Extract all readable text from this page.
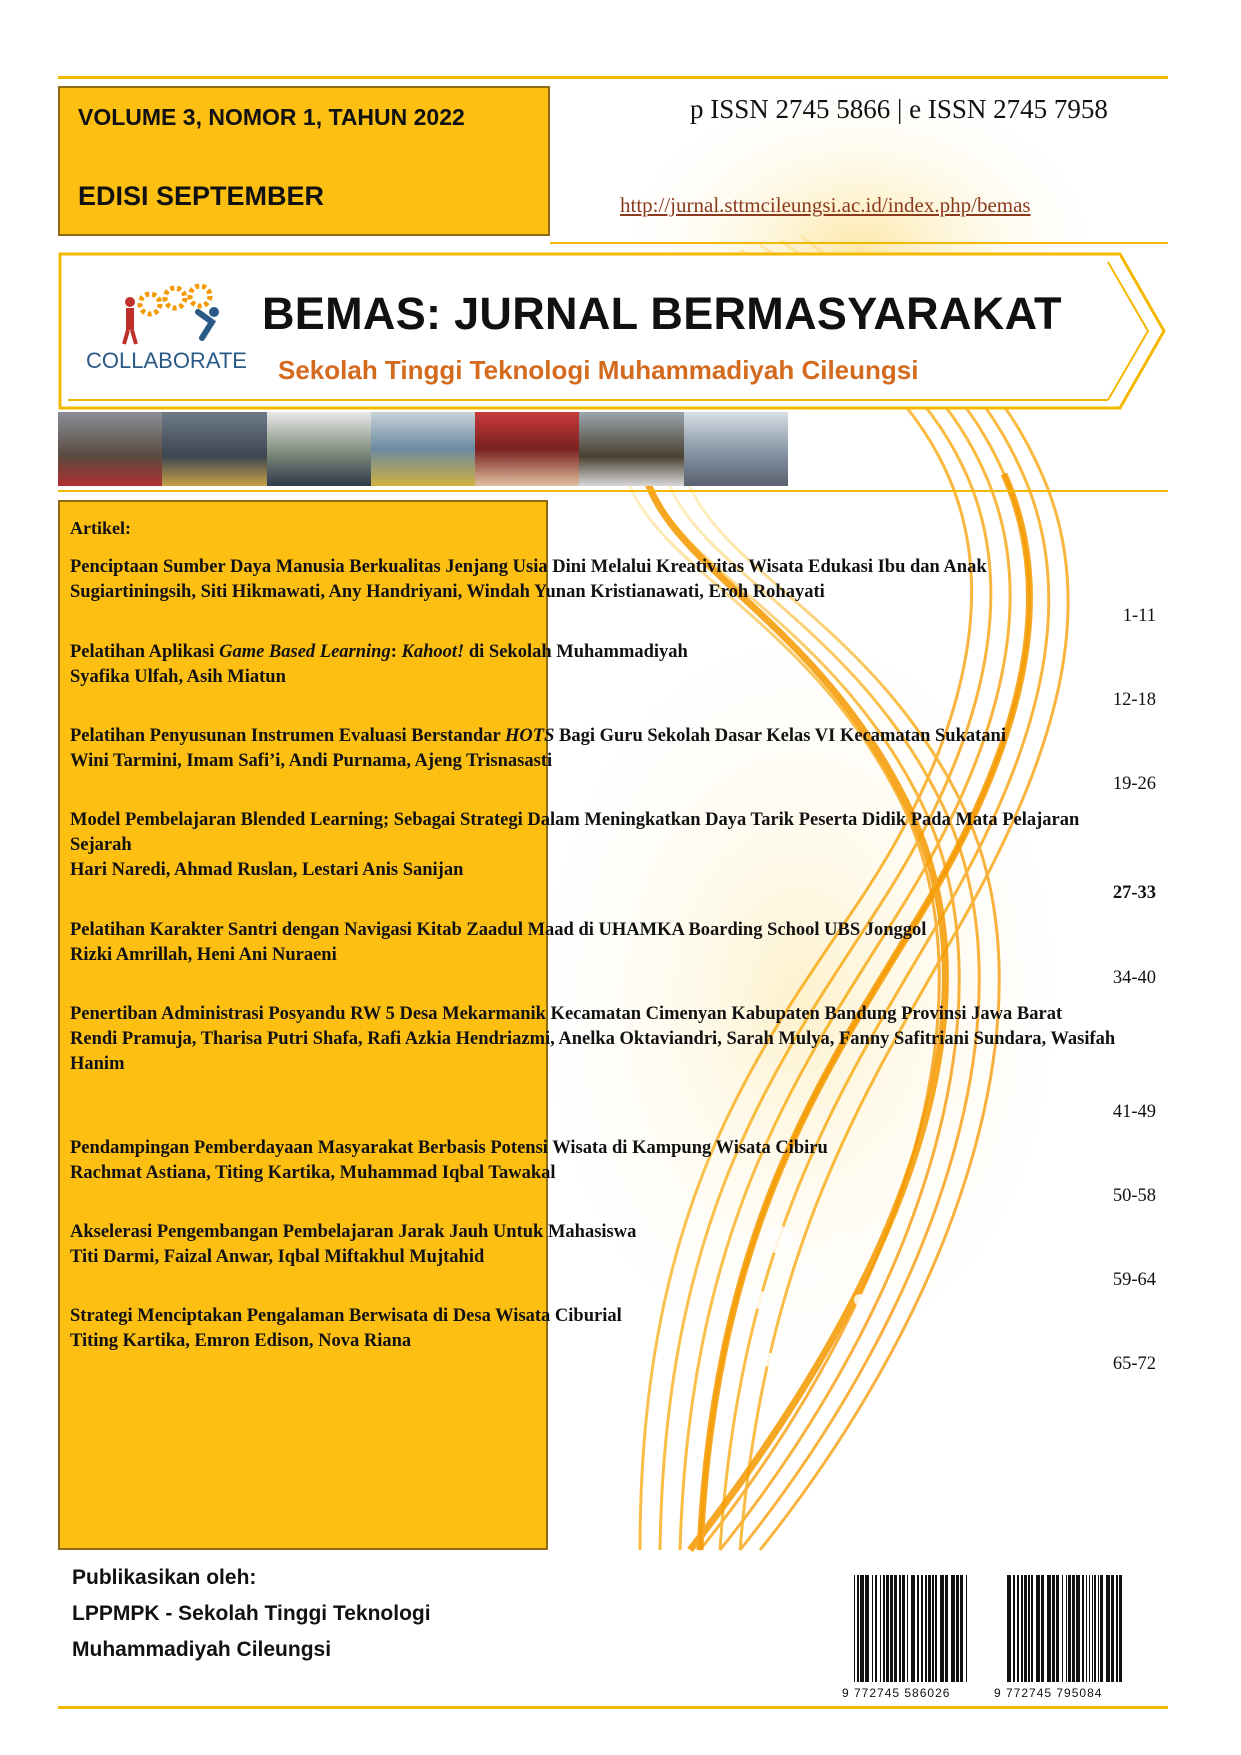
VOLUME 3, NOMOR 1, TAHUN 2022
EDISI SEPTEMBER
p ISSN 2745 5866 | e ISSN 2745 7958
http://jurnal.sttmcileungsi.ac.id/index.php/bemas
COLLABORATE
BEMAS: JURNAL BERMASYARAKAT
Sekolah Tinggi Teknologi Muhammadiyah Cileungsi
Artikel:
Penciptaan Sumber Daya Manusia Berkualitas Jenjang Usia Dini Melalui Kreativitas Wisata Edukasi Ibu dan Anak
Sugiartiningsih, Siti Hikmawati, Any Handriyani, Windah Yunan Kristianawati, Eroh Rohayati
1-11
Pelatihan Aplikasi Game Based Learning: Kahoot! di Sekolah Muhammadiyah
Syafika Ulfah, Asih Miatun
12-18
Pelatihan Penyusunan Instrumen Evaluasi Berstandar HOTS Bagi Guru Sekolah Dasar Kelas VI Kecamatan Sukatani
Wini Tarmini, Imam Safi’i, Andi Purnama, Ajeng Trisnasasti
19-26
Model Pembelajaran Blended Learning; Sebagai Strategi Dalam Meningkatkan Daya Tarik Peserta Didik Pada Mata Pelajaran Sejarah
Hari Naredi, Ahmad Ruslan, Lestari Anis Sanijan
27-33
Pelatihan Karakter Santri dengan Navigasi Kitab Zaadul Maad di UHAMKA Boarding School UBS Jonggol
Rizki Amrillah, Heni Ani Nuraeni
34-40
Penertiban Administrasi Posyandu RW 5 Desa Mekarmanik Kecamatan Cimenyan Kabupaten Bandung Provinsi Jawa Barat
Rendi Pramuja, Tharisa Putri Shafa, Rafi Azkia Hendriazmi, Anelka Oktaviandri, Sarah Mulya, Fanny Safitriani Sundara, Wasifah Hanim
41-49
Pendampingan Pemberdayaan Masyarakat Berbasis Potensi Wisata di Kampung Wisata Cibiru
Rachmat Astiana, Titing Kartika, Muhammad Iqbal Tawakal
50-58
Akselerasi Pengembangan Pembelajaran Jarak Jauh Untuk Mahasiswa
Titi Darmi, Faizal Anwar, Iqbal Miftakhul Mujtahid
59-64
Strategi Menciptakan Pengalaman Berwisata di Desa Wisata Ciburial
Titing Kartika, Emron Edison, Nova Riana
65-72
Publikasikan oleh:
LPPMPK - Sekolah Tinggi Teknologi
Muhammadiyah Cileungsi
9 772745 586026	9 772745 795084
